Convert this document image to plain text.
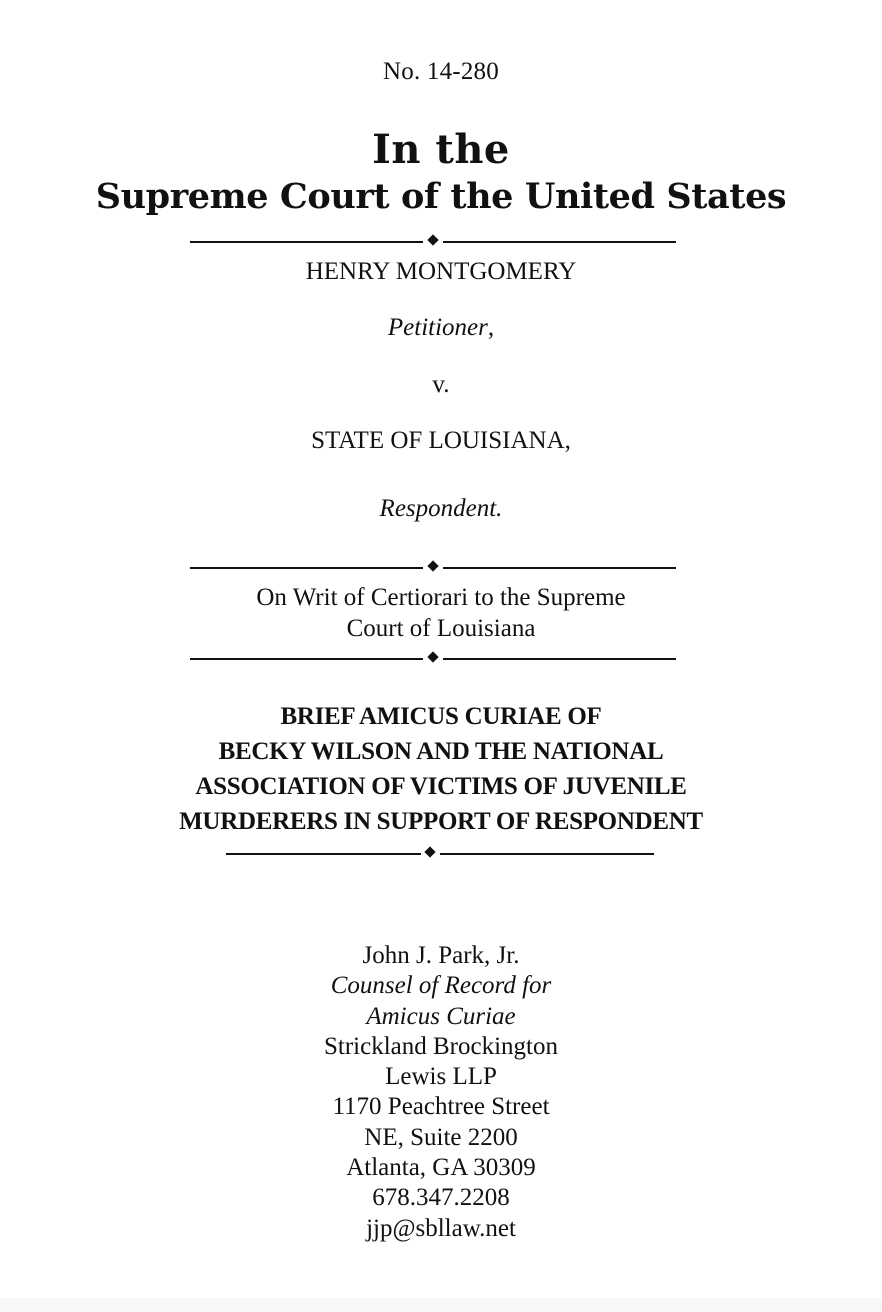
No. 14-280
In the
Supreme Court of the United States
HENRY MONTGOMERY
Petitioner,
v.
STATE OF LOUISIANA,
Respondent.
On Writ of Certiorari to the Supreme
Court of Louisiana
BRIEF AMICUS CURIAE OF
BECKY WILSON AND THE NATIONAL
ASSOCIATION OF VICTIMS OF JUVENILE
MURDERERS IN SUPPORT OF RESPONDENT
John J. Park, Jr.
Counsel of Record for
Amicus Curiae
Strickland Brockington
Lewis LLP
1170 Peachtree Street
NE, Suite 2200
Atlanta, GA 30309
678.347.2208
jjp@sbllaw.net
